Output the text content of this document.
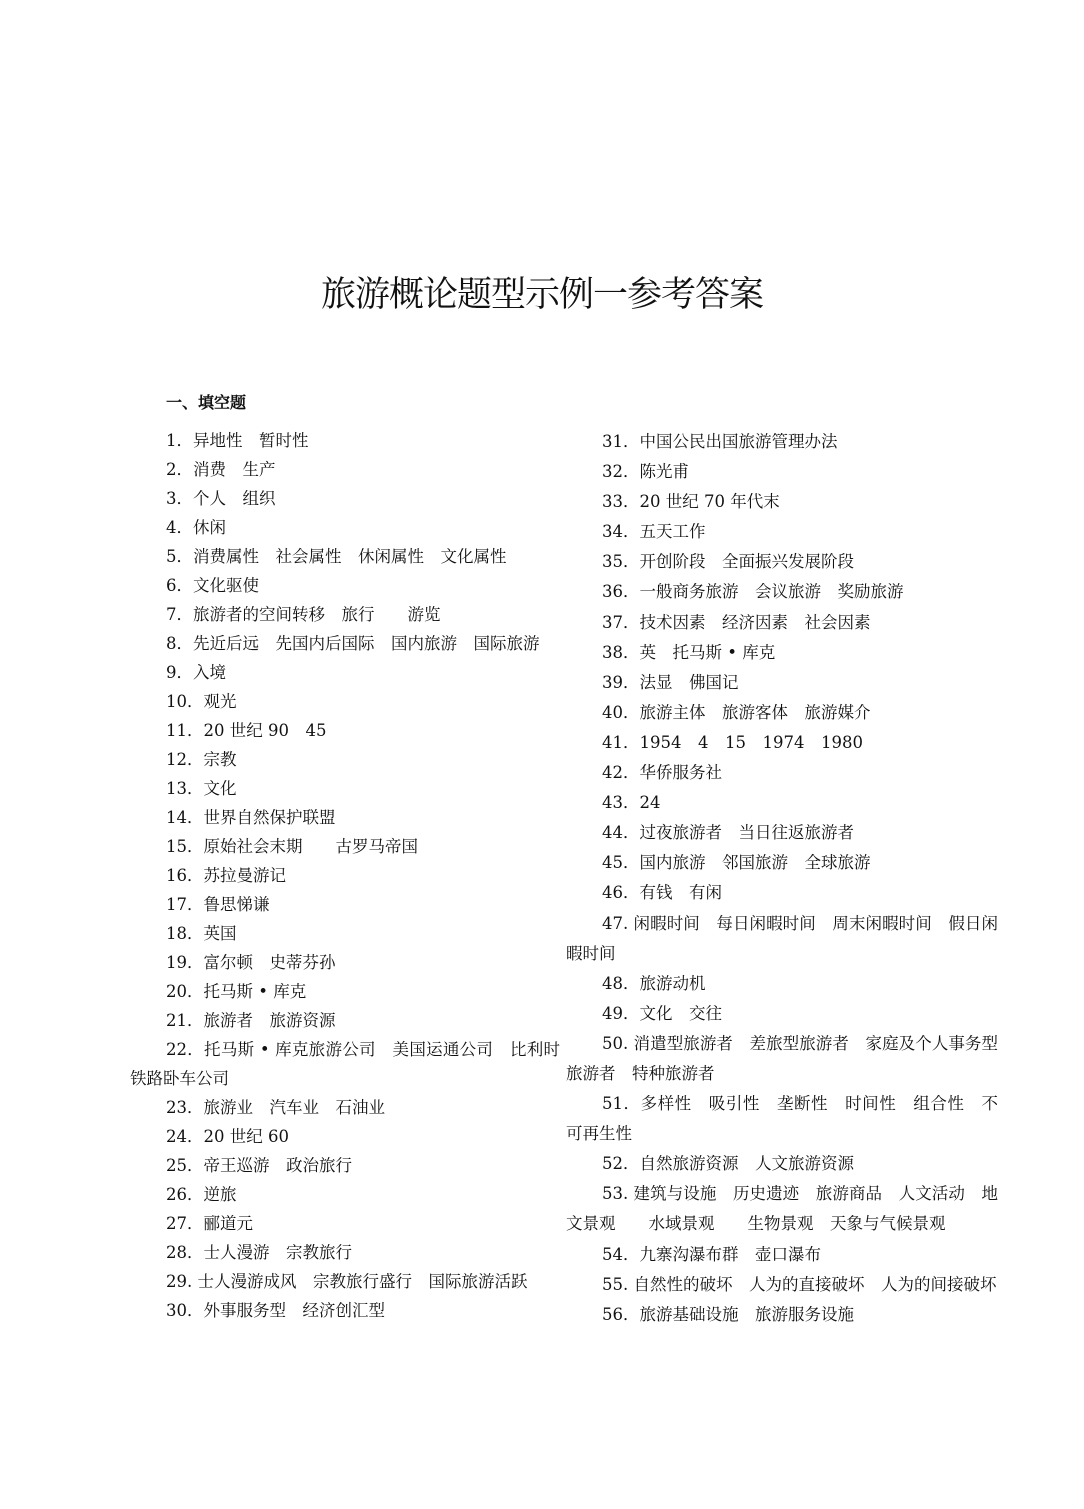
旅游概论题型示例一参考答案
一、填空题
1．异地性　暂时性
2．消费　生产
3．个人　组织
4．休闲
5．消费属性　社会属性　休闲属性　文化属性
6．文化驱使
7．旅游者的空间转移　旅行　　游览
8．先近后远　先国内后国际　国内旅游　国际旅游
9．入境
10．观光
11．20 世纪 90　45
12．宗教
13．文化
14．世界自然保护联盟
15．原始社会末期　　古罗马帝国
16．苏拉曼游记
17．鲁思悌谦
18．英国
19．富尔顿　史蒂芬孙
20．托马斯 • 库克
21．旅游者　旅游资源
22．托马斯 • 库克旅游公司　美国运通公司　比利时铁路卧车公司
23．旅游业　汽车业　石油业
24．20 世纪 60
25．帝王巡游　政治旅行
26．逆旅
27．郦道元
28．士人漫游　宗教旅行
29. 士人漫游成风　宗教旅行盛行　国际旅游活跃
30．外事服务型　经济创汇型
31．中国公民出国旅游管理办法
32．陈光甫
33．20 世纪 70 年代末
34．五天工作
35．开创阶段　全面振兴发展阶段
36．一般商务旅游　会议旅游　奖励旅游
37．技术因素　经济因素　社会因素
38．英　托马斯 • 库克
39．法显　佛国记
40．旅游主体　旅游客体　旅游媒介
41．1954　4　15　1974　1980
42．华侨服务社
43．24
44．过夜旅游者　当日往返旅游者
45．国内旅游　邻国旅游　全球旅游
46．有钱　有闲
47. 闲暇时间　每日闲暇时间　周末闲暇时间　假日闲暇时间
48．旅游动机
49．文化　交往
50. 消遣型旅游者　差旅型旅游者　家庭及个人事务型旅游者　特种旅游者
51．多样性　吸引性　垄断性　时间性　组合性　不可再生性
52．自然旅游资源　人文旅游资源
53. 建筑与设施　历史遗迹　旅游商品　人文活动　地文景观　　水域景观　　生物景观　天象与气候景观
54．九寨沟瀑布群　壶口瀑布
55. 自然性的破坏　人为的直接破坏　人为的间接破坏
56．旅游基础设施　旅游服务设施
